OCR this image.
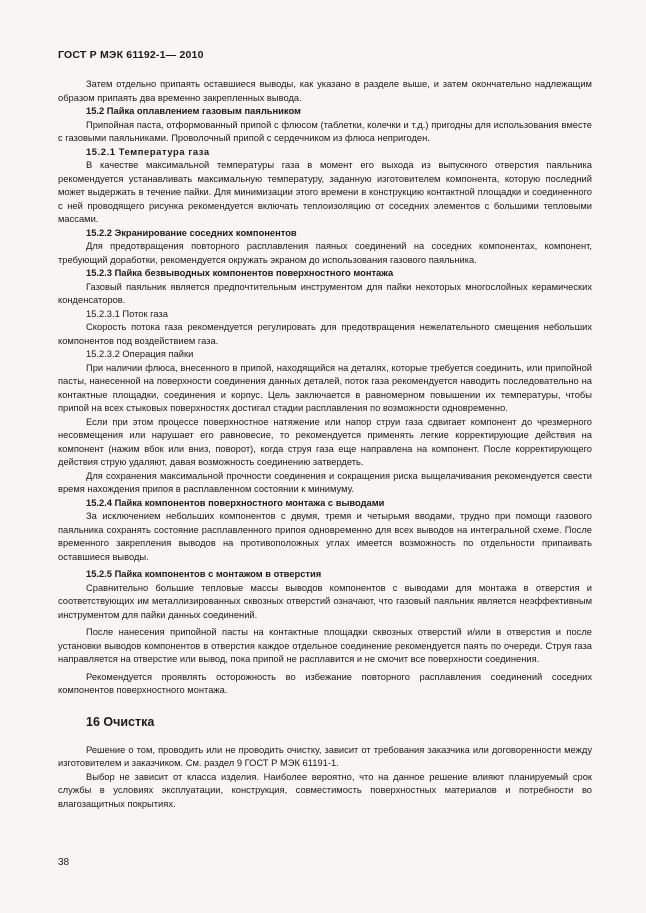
ГОСТ Р МЭК 61192-1— 2010

Затем отдельно припаять оставшиеся выводы, как указано в разделе выше, и затем окончательно надлежащим образом припаять два временно закрепленных вывода.

15.2 Пайка оплавлением газовым паяльником

Припойная паста, отформованный припой с флюсом (таблетки, колечки и т.д.) пригодны для использования вместе с газовыми паяльниками. Проволочный припой с сердечником из флюса непригоден.

15.2.1 Температура газа

В качестве максимальной температуры газа в момент его выхода из выпускного отверстия паяльника рекомендуется устанавливать максимальную температуру, заданную изготовителем компонента, которую последний может выдержать в течение пайки. Для минимизации этого времени в конструкцию контактной площадки и соединенного с ней проводящего рисунка рекомендуется включать теплоизоляцию от соседних элементов с большими тепловыми массами.

15.2.2 Экранирование соседних компонентов

Для предотвращения повторного расплавления паяных соединений на соседних компонентах, компонент, требующий доработки, рекомендуется окружать экраном до использования газового паяльника.

15.2.3 Пайка безвыводных компонентов поверхностного монтажа

Газовый паяльник является предпочтительным инструментом для пайки некоторых многослойных керамических конденсаторов.

15.2.3.1 Поток газа

Скорость потока газа рекомендуется регулировать для предотвращения нежелательного смещения небольших компонентов под воздействием газа.

15.2.3.2 Операция пайки

При наличии флюса, внесенного в припой, находящийся на деталях, которые требуется соединить, или припойной пасты, нанесенной на поверхности соединения данных деталей, поток газа рекомендуется наводить последовательно на контактные площадки, соединения и корпус. Цель заключается в равномерном повышении их температуры, чтобы припой на всех стыковых поверхностях достигал стадии расплавления по возможности одновременно.

Если при этом процессе поверхностное натяжение или напор струи газа сдвигает компонент до чрезмерного несовмещения или нарушает его равновесие, то рекомендуется применять легкие корректирующие действия на компонент (нажим вбок или вниз, поворот), когда струя газа еще направлена на компонент. После корректирующего действия струю удаляют, давая возможность соединению затвердеть.

Для сохранения максимальной прочности соединения и сокращения риска выщелачивания рекомендуется свести время нахождения припоя в расплавленном состоянии к минимуму.

15.2.4 Пайка компонентов поверхностного монтажа с выводами

За исключением небольших компонентов с двумя, тремя и четырьмя вводами, трудно при помощи газового паяльника сохранять состояние расплавленного припоя одновременно для всех выводов на интегральной схеме. После временного закрепления выводов на противоположных углах имеется возможность по отдельности припаивать оставшиеся выводы.

15.2.5 Пайка компонентов с монтажом в отверстия

Сравнительно большие тепловые массы выводов компонентов с выводами для монтажа в отверстия и соответствующих им металлизированных сквозных отверстий означают, что газовый паяльник является неэффективным инструментом для пайки данных соединений.

После нанесения припойной пасты на контактные площадки сквозных отверстий и/или в отверстия и после установки выводов компонентов в отверстия каждое отдельное соединение рекомендуется паять по очереди. Струя газа направляется на отверстие или вывод, пока припой не расплавится и не смочит все поверхности соединения.

Рекомендуется проявлять осторожность во избежание повторного расплавления соединений соседних компонентов поверхностного монтажа.

16 Очистка

Решение о том, проводить или не проводить очистку, зависит от требования заказчика или договоренности между изготовителем и заказчиком. См. раздел 9 ГОСТ Р МЭК 61191-1.

Выбор не зависит от класса изделия. Наиболее вероятно, что на данное решение влияют планируемый срок службы в условиях эксплуатации, конструкция, совместимость поверхностных материалов и потребности во влагозащитных покрытиях.

38
